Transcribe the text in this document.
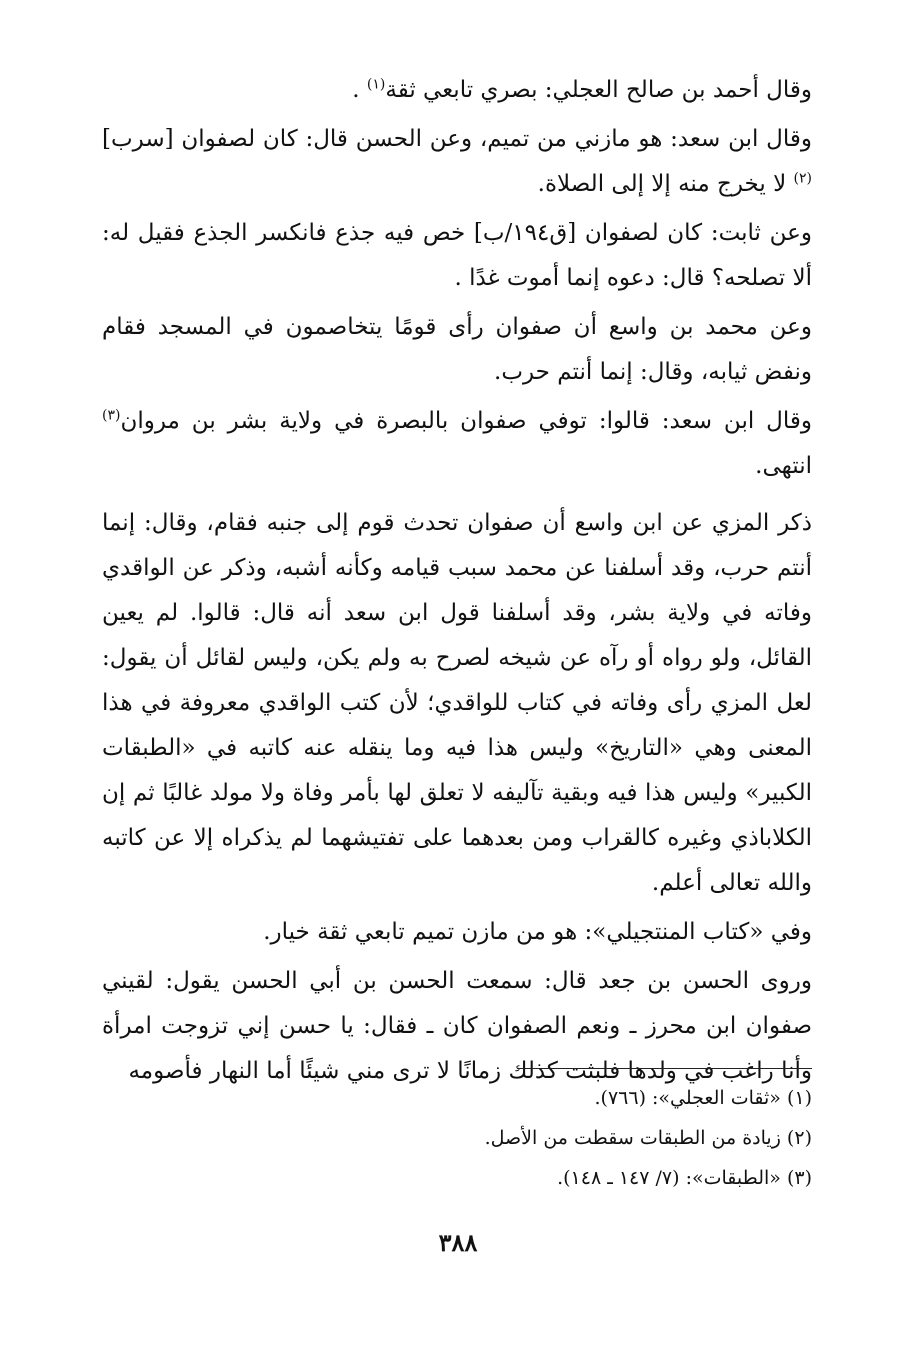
وقال أحمد بن صالح العجلي: بصري تابعي ثقة$^{(١)}$ .

وقال ابن سعد: هو مازني من تميم، وعن الحسن قال: كان لصفوان [سرب]$^{(٢)}$ لا يخرج منه إلا إلى الصلاة.

وعن ثابت: كان لصفوان [ق١٩٤/ب] خص فيه جذع فانكسر الجذع فقيل له: ألا تصلحه؟ قال: دعوه إنما أموت غدًا .

وعن محمد بن واسع أن صفوان رأى قومًا يتخاصمون في المسجد فقام ونفض ثيابه، وقال: إنما أنتم حرب.

وقال ابن سعد: قالوا: توفي صفوان بالبصرة في ولاية بشر بن مروان$^{(٣)}$ انتهى.

ذكر المزي عن ابن واسع أن صفوان تحدث قوم إلى جنبه فقام، وقال: إنما أنتم حرب، وقد أسلفنا عن محمد سبب قيامه وكأنه أشبه، وذكر عن الواقدي وفاته في ولاية بشر، وقد أسلفنا قول ابن سعد أنه قال: قالوا. لم يعين القائل، ولو رواه أو رآه عن شيخه لصرح به ولم يكن، وليس لقائل أن يقول: لعل المزي رأى وفاته في كتاب للواقدي؛ لأن كتب الواقدي معروفة في هذا المعنى وهي «التاريخ» وليس هذا فيه وما ينقله عنه كاتبه في «الطبقات الكبير» وليس هذا فيه وبقية تآليفه لا تعلق لها بأمر وفاة ولا مولد غالبًا ثم إن الكلاباذي وغيره كالقراب ومن بعدهما على تفتيشهما لم يذكراه إلا عن كاتبه والله تعالى أعلم.

وفي «كتاب المنتجيلي»: هو من مازن تميم تابعي ثقة خيار.

وروى الحسن بن جعد قال: سمعت الحسن بن أبي الحسن يقول: لقيني صفوان ابن محرز ـ ونعم الصفوان كان ـ فقال: يا حسن إني تزوجت امرأة وأنا راغب في ولدها فلبثت كذلك زمانًا لا ترى مني شيئًا أما النهار فأصومه

(١) «ثقات العجلي»: (٧٦٦).

(٢) زيادة من الطبقات سقطت من الأصل.

(٣) «الطبقات»: (٧/ ١٤٧ ـ ١٤٨).

٣٨٨
